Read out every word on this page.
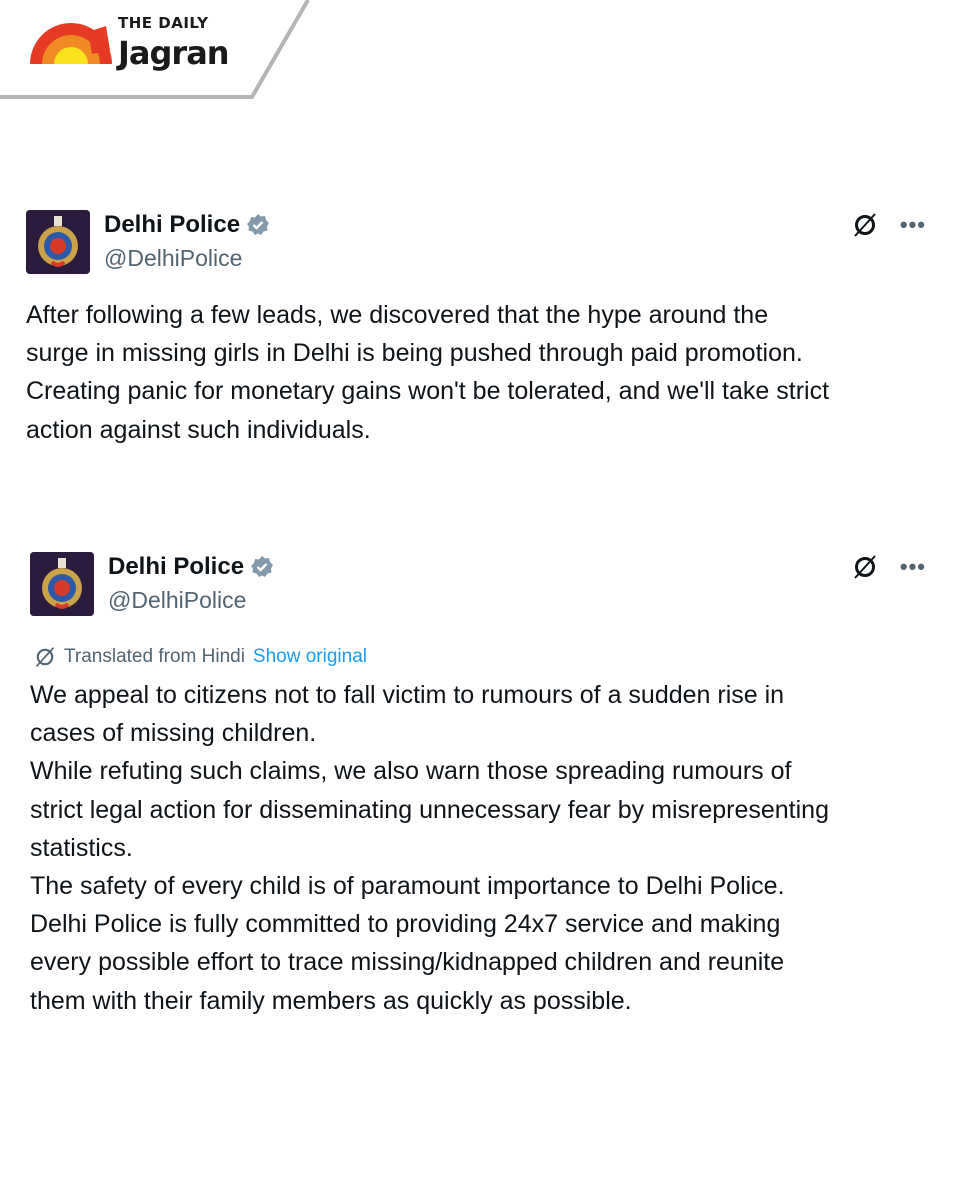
THE DAILY
Jagran
Delhi Police
@DelhiPolice
•••
After following a few leads, we discovered that the hype around the
surge in missing girls in Delhi is being pushed through paid promotion.
Creating panic for monetary gains won't be tolerated, and we'll take strict
action against such individuals.
Delhi Police
@DelhiPolice
•••
Translated from Hindi Show original
We appeal to citizens not to fall victim to rumours of a sudden rise in
cases of missing children.
While refuting such claims, we also warn those spreading rumours of
strict legal action for disseminating unnecessary fear by misrepresenting
statistics.
The safety of every child is of paramount importance to Delhi Police.
Delhi Police is fully committed to providing 24x7 service and making
every possible effort to trace missing/kidnapped children and reunite
them with their family members as quickly as possible.
